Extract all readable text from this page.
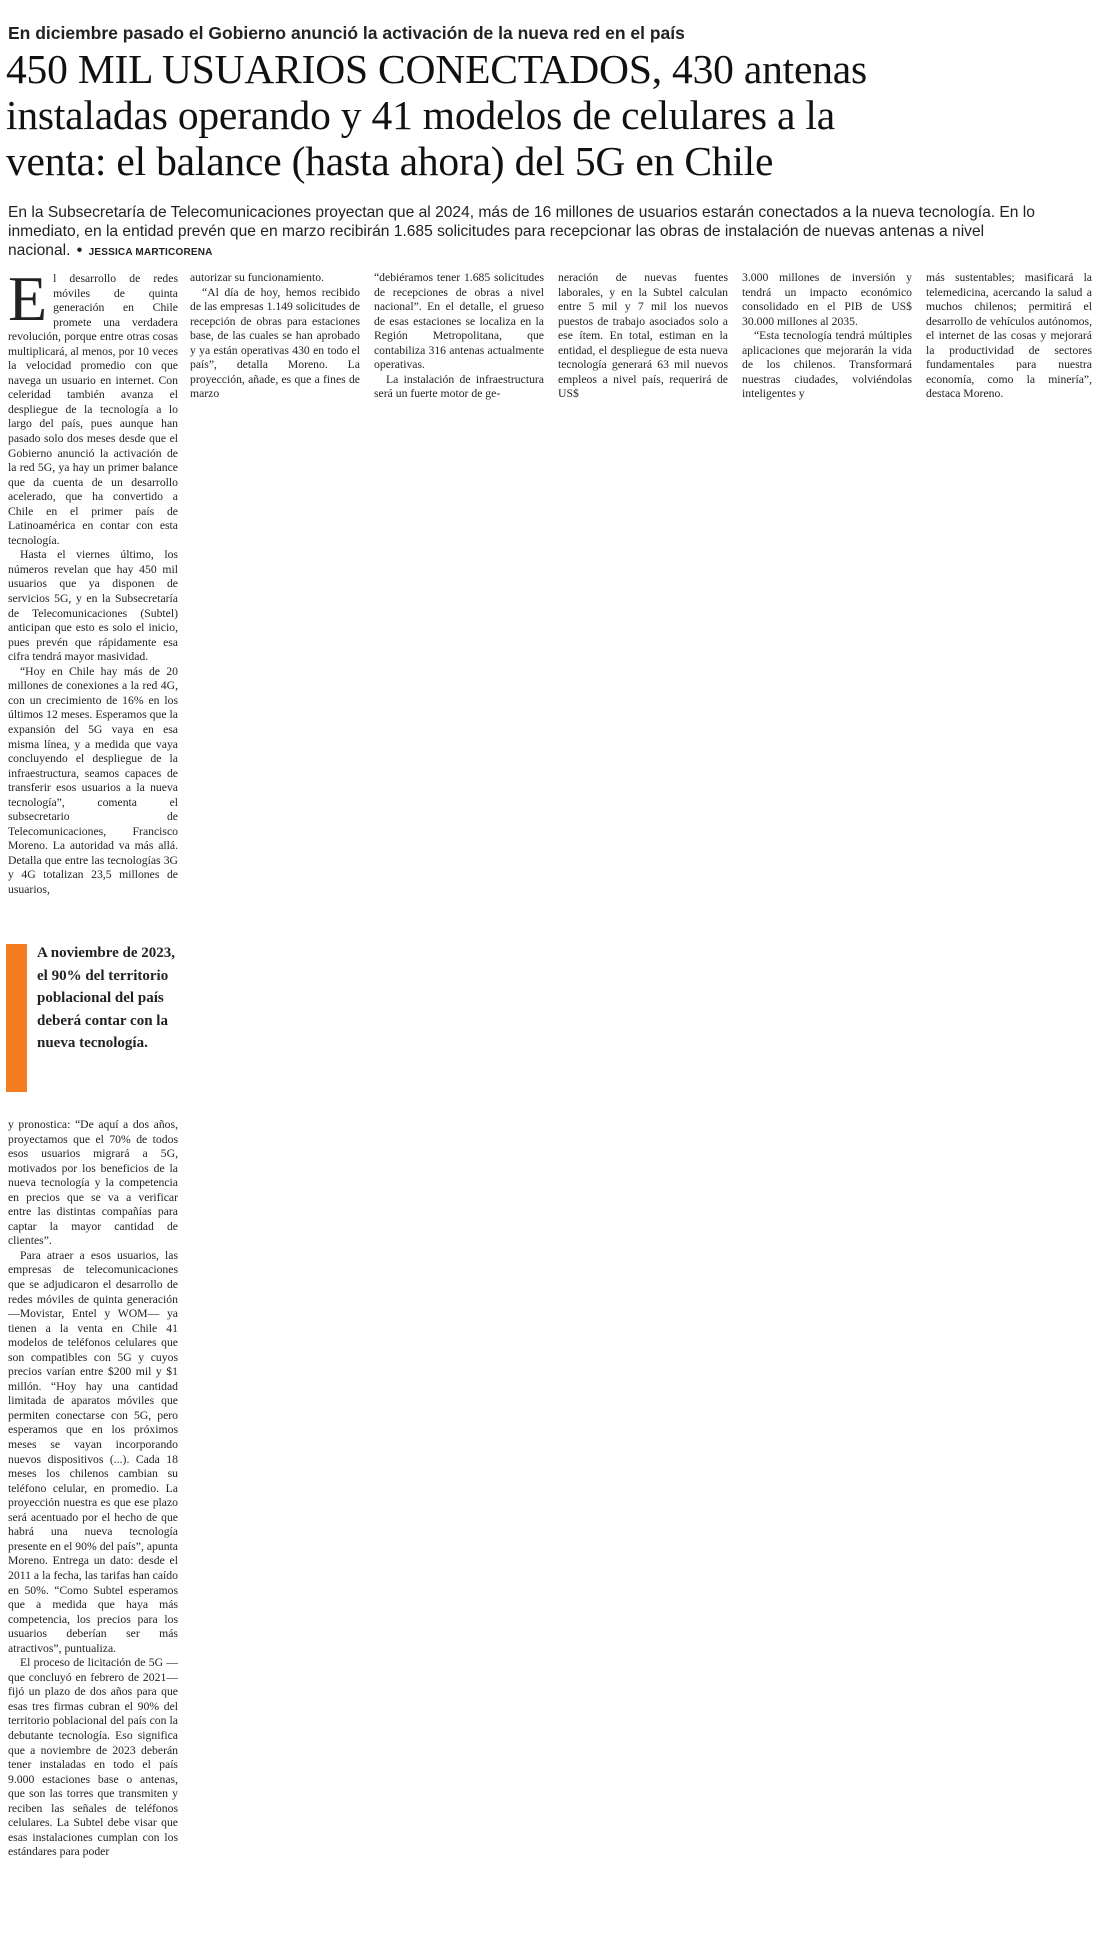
En diciembre pasado el Gobierno anunció la activación de la nueva red en el país
450 MIL USUARIOS CONECTADOS, 430 antenas
instaladas operando y 41 modelos de celulares a la
venta: el balance (hasta ahora) del 5G en Chile
En la Subsecretaría de Telecomunicaciones proyectan que al 2024, más de 16 millones de usuarios estarán conectados a la nueva tecnología. En lo
inmediato, en la entidad prevén que en marzo recibirán 1.685 solicitudes para recepcionar las obras de instalación de nuevas antenas a nivel
nacional. • JESSICA MARTICORENA

El desarrollo de redes móviles de quinta generación en Chile promete una verdadera revolución, porque entre otras cosas multiplicará, al menos, por 10 veces la velocidad promedio con que navega un usuario en internet. Con celeridad también avanza el despliegue de la tecnología a lo largo del país, pues aunque han pasado solo dos meses desde que el Gobierno anunció la activación de la red 5G, ya hay un primer balance que da cuenta de un desarrollo acelerado, que ha convertido a Chile en el primer país de Latinoamérica en contar con esta tecnología.

Hasta el viernes último, los números revelan que hay 450 mil usuarios que ya disponen de servicios 5G, y en la Subsecretaría de Telecomunicaciones (Subtel) anticipan que esto es solo el inicio, pues prevén que rápidamente esa cifra tendrá mayor masividad.

“Hoy en Chile hay más de 20 millones de conexiones a la red 4G, con un crecimiento de 16% en los últimos 12 meses. Esperamos que la expansión del 5G vaya en esa misma línea, y a medida que vaya concluyendo el despliegue de la infraestructura, seamos capaces de transferir esos usuarios a la nueva tecnología”, comenta el subsecretario de Telecomunicaciones, Francisco Moreno. La autoridad va más allá. Detalla que entre las tecnologías 3G y 4G totalizan 23,5 millones de usuarios,

A noviembre de 2023, el 90% del territorio poblacional del país deberá contar con la nueva tecnología.

y pronostica: “De aquí a dos años, proyectamos que el 70% de todos esos usuarios migrará a 5G, motivados por los beneficios de la nueva tecnología y la competencia en precios que se va a verificar entre las distintas compañías para captar la mayor cantidad de clientes”.

Para atraer a esos usuarios, las empresas de telecomunicaciones que se adjudicaron el desarrollo de redes móviles de quinta generación —Movistar, Entel y WOM— ya tienen a la venta en Chile 41 modelos de teléfonos celulares que son compatibles con 5G y cuyos precios varían entre $200 mil y $1 millón. “Hoy hay una cantidad limitada de aparatos móviles que permiten conectarse con 5G, pero esperamos que en los próximos meses se vayan incorporando nuevos dispositivos (...). Cada 18 meses los chilenos cambian su teléfono celular, en promedio. La proyección nuestra es que ese plazo será acentuado por el hecho de que habrá una nueva tecnología presente en el 90% del país”, apunta Moreno. Entrega un dato: desde el 2011 a la fecha, las tarifas han caído en 50%. “Como Subtel esperamos que a medida que haya más competencia, los precios para los usuarios deberían ser más atractivos”, puntualiza.

El proceso de licitación de 5G —que concluyó en febrero de 2021— fijó un plazo de dos años para que esas tres firmas cubran el 90% del territorio poblacional del país con la debutante tecnología. Eso significa que a noviembre de 2023 deberán tener instaladas en todo el país 9.000 estaciones base o antenas, que son las torres que transmiten y reciben las señales de teléfonos celulares. La Subtel debe visar que esas instalaciones cumplan con los estándares para poder

autorizar su funcionamiento.

“Al día de hoy, hemos recibido de las empresas 1.149 solicitudes de recepción de obras para estaciones base, de las cuales se han aprobado y ya están operativas 430 en todo el país”, detalla Moreno. La proyección, añade, es que a fines de marzo

“debiéramos tener 1.685 solicitudes de recepciones de obras a nivel nacional”. En el detalle, el grueso de esas estaciones se localiza en la Región Metropolitana, que contabiliza 316 antenas actualmente operativas.

La instalación de infraestructura será un fuerte motor de ge-

neración de nuevas fuentes laborales, y en la Subtel calculan entre 5 mil y 7 mil los nuevos puestos de trabajo asociados solo a ese ítem. En total, estiman en la entidad, el despliegue de esta nueva tecnología generará 63 mil nuevos empleos a nivel país, requerirá de US$

3.000 millones de inversión y tendrá un impacto económico consolidado en el PIB de US$ 30.000 millones al 2035.

“Esta tecnología tendrá múltiples aplicaciones que mejorarán la vida de los chilenos. Transformará nuestras ciudades, volviéndolas inteligentes y

más sustentables; masificará la telemedicina, acercando la salud a muchos chilenos; permitirá el desarrollo de vehículos autónomos, el internet de las cosas y mejorará la productividad de sectores fundamentales para nuestra economía, como la minería”, destaca Moreno.
